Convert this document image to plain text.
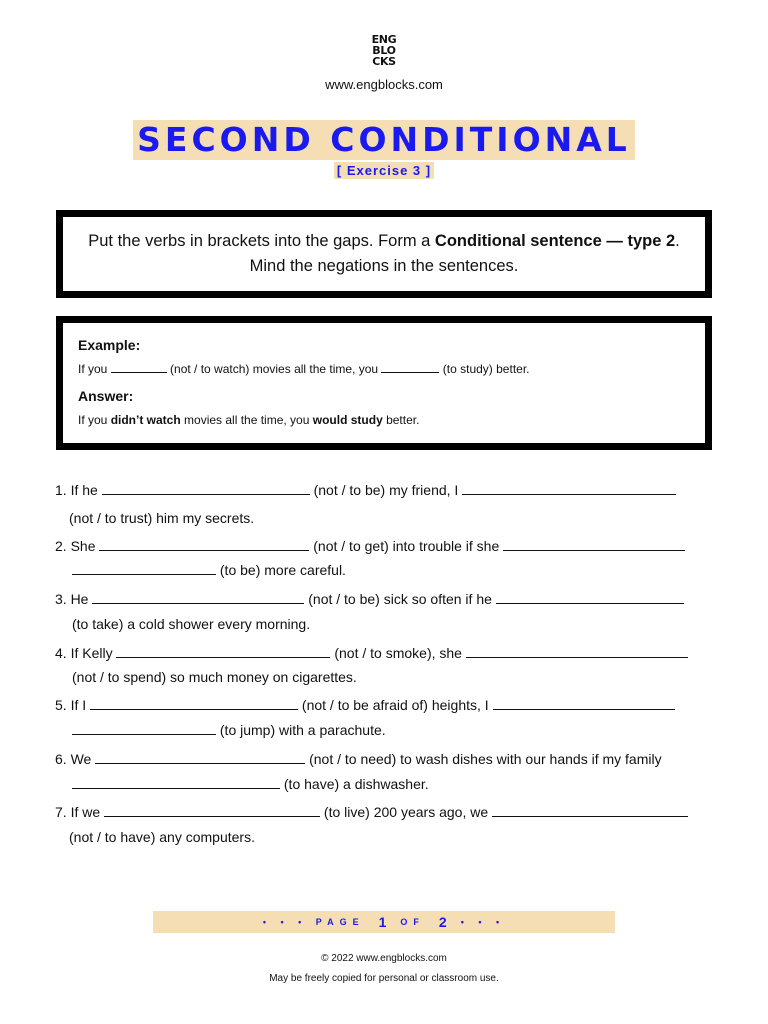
ENG
BLO
CKS
www.engblocks.com
SECOND CONDITIONAL
[ Exercise 3 ]
Put the verbs in brackets into the gaps. Form a Conditional sentence — type 2. Mind the negations in the sentences.
Example:
If you	(not / to watch) movies all the time, you	(to study) better.
Answer:
If you didn’t watch movies all the time, you would study better.
1. If he	(not / to be) my friend, I
(not / to trust) him my secrets.
2. She	(not / to get) into trouble if she
(to be) more careful.
3. He	(not / to be) sick so often if he
(to take) a cold shower every morning.
4. If Kelly	(not / to smoke), she
(not / to spend) so much money on cigarettes.
5. If I	(not / to be afraid of) heights, I
(to jump) with a parachute.
6. We	(not / to need) to wash dishes with our hands if my family
(to have) a dishwasher.
7. If we	(to live) 200 years ago, we
(not / to have) any computers.
• • • PAGE 1 OF 2 • • •
© 2022 www.engblocks.com
May be freely copied for personal or classroom use.
